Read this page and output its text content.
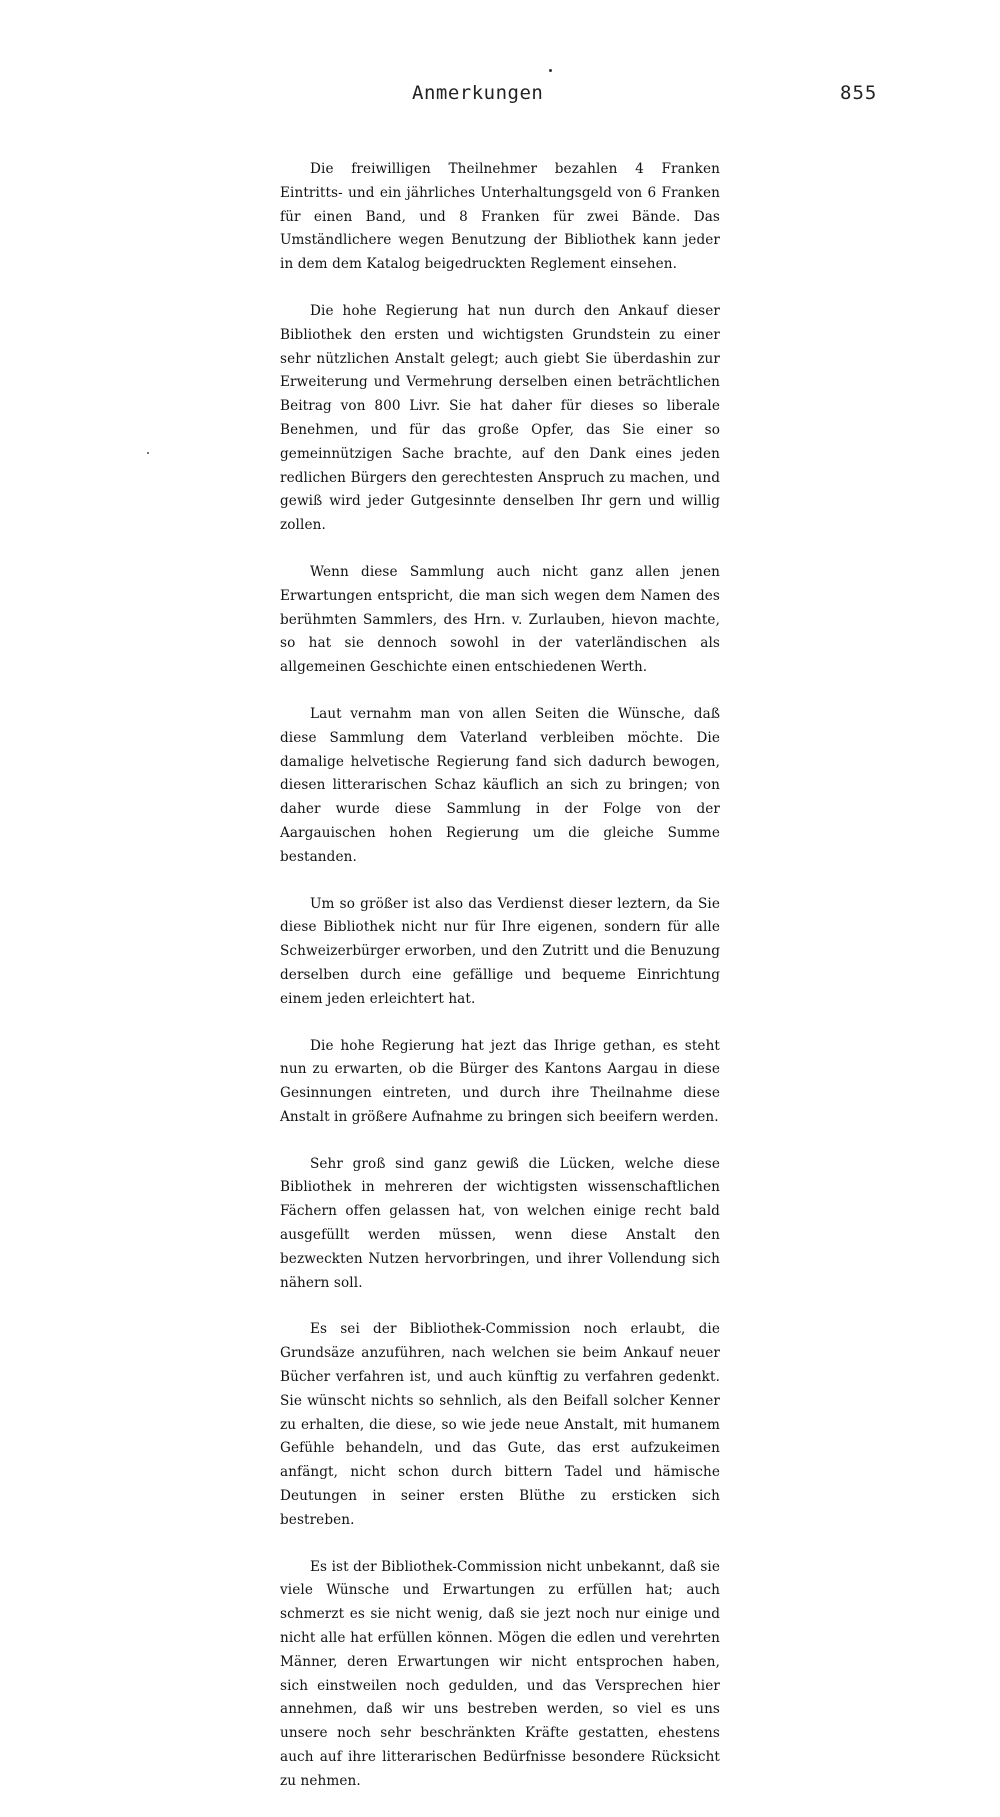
Anmerkungen	855

Die freiwilligen Theilnehmer bezahlen 4 Franken Eintritts- und ein jährliches Unterhaltungsgeld von 6 Franken für einen Band, und 8 Franken für zwei Bände. Das Umständlichere wegen Benutzung der Bibliothek kann jeder in dem dem Katalog beigedruckten Reglement einsehen.

Die hohe Regierung hat nun durch den Ankauf dieser Bibliothek den ersten und wichtigsten Grundstein zu einer sehr nützlichen Anstalt gelegt; auch giebt Sie überdashin zur Erweiterung und Vermehrung derselben einen beträchtlichen Beitrag von 800 Livr. Sie hat daher für dieses so liberale Benehmen, und für das große Opfer, das Sie einer so gemeinnützigen Sache brachte, auf den Dank eines jeden redlichen Bürgers den gerechtesten Anspruch zu machen, und gewiß wird jeder Gutgesinnte denselben Ihr gern und willig zollen.

Wenn diese Sammlung auch nicht ganz allen jenen Erwartungen entspricht, die man sich wegen dem Namen des berühmten Sammlers, des Hrn. v. Zurlauben, hievon machte, so hat sie dennoch sowohl in der vaterländischen als allgemeinen Geschichte einen entschiedenen Werth.

Laut vernahm man von allen Seiten die Wünsche, daß diese Sammlung dem Vaterland verbleiben möchte. Die damalige helvetische Regierung fand sich dadurch bewogen, diesen litterarischen Schaz käuflich an sich zu bringen; von daher wurde diese Sammlung in der Folge von der Aargauischen hohen Regierung um die gleiche Summe bestanden.

Um so größer ist also das Verdienst dieser leztern, da Sie diese Bibliothek nicht nur für Ihre eigenen, sondern für alle Schweizerbürger erworben, und den Zutritt und die Benuzung derselben durch eine gefällige und bequeme Einrichtung einem jeden erleichtert hat.

Die hohe Regierung hat jezt das Ihrige gethan, es steht nun zu erwarten, ob die Bürger des Kantons Aargau in diese Gesinnungen eintreten, und durch ihre Theilnahme diese Anstalt in größere Aufnahme zu bringen sich beeifern werden.

Sehr groß sind ganz gewiß die Lücken, welche diese Bibliothek in mehreren der wichtigsten wissenschaftlichen Fächern offen gelassen hat, von welchen einige recht bald ausgefüllt werden müssen, wenn diese Anstalt den bezweckten Nutzen hervorbringen, und ihrer Vollendung sich nähern soll.

Es sei der Bibliothek-Commission noch erlaubt, die Grundsäze anzuführen, nach welchen sie beim Ankauf neuer Bücher verfahren ist, und auch künftig zu verfahren gedenkt. Sie wünscht nichts so sehnlich, als den Beifall solcher Kenner zu erhalten, die diese, so wie jede neue Anstalt, mit humanem Gefühle behandeln, und das Gute, das erst aufzukeimen anfängt, nicht schon durch bittern Tadel und hämische Deutungen in seiner ersten Blüthe zu ersticken sich bestreben.

Es ist der Bibliothek-Commission nicht unbekannt, daß sie viele Wünsche und Erwartungen zu erfüllen hat; auch schmerzt es sie nicht wenig, daß sie jezt noch nur einige und nicht alle hat erfüllen können. Mögen die edlen und verehrten Männer, deren Erwartungen wir nicht entsprochen haben, sich einstweilen noch gedulden, und das Versprechen hier annehmen, daß wir uns bestreben werden, so viel es uns unsere noch sehr beschränkten Kräfte gestatten, ehestens auch auf ihre litterarischen Bedürfnisse besondere Rücksicht zu nehmen.
